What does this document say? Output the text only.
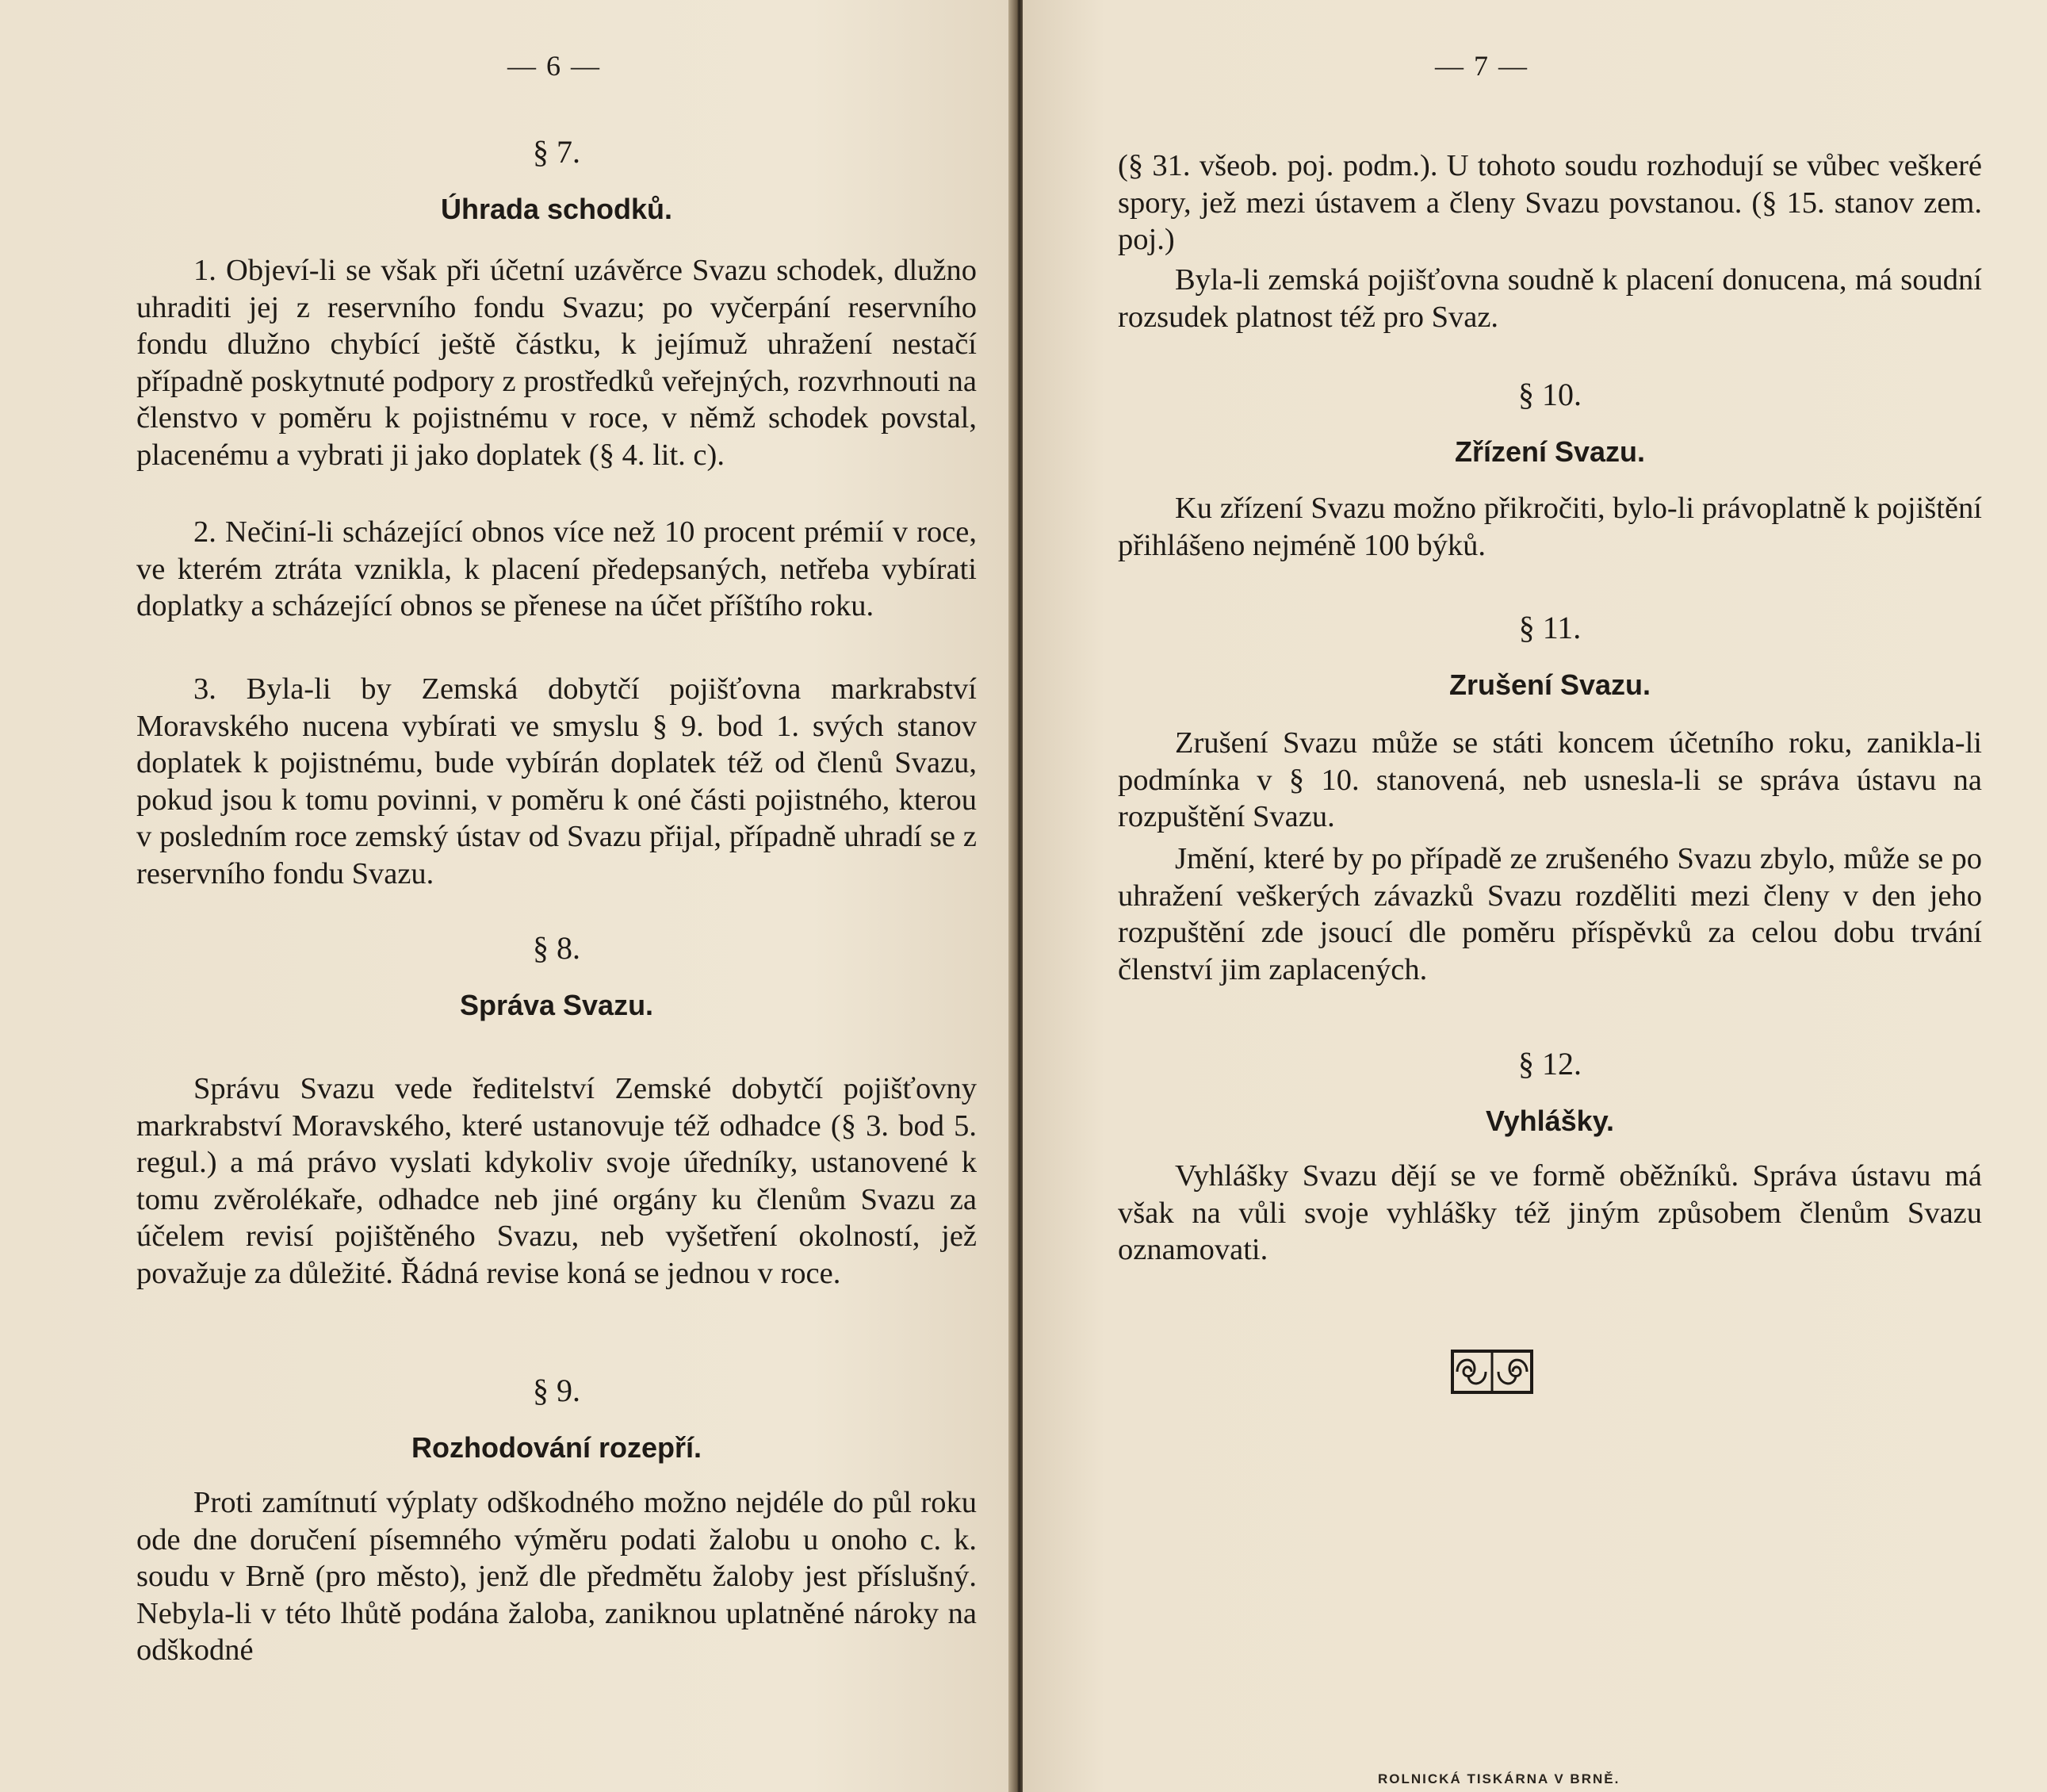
— 6 —
§ 7.
Úhrada schodků.

1. Objeví-li se však při účetní uzávěrce Svazu schodek, dlužno uhraditi jej z reservního fondu Svazu; po vyčerpání reservního fondu dlužno chybící ještě částku, k jejímuž uhražení nestačí případně poskytnuté podpory z prostředků veřejných, rozvrhnouti na členstvo v poměru k pojistnému v roce, v němž schodek povstal, placenému a vybrati ji jako doplatek (§ 4. lit. c).

2. Nečiní-li scházející obnos více než 10 procent prémií v roce, ve kterém ztráta vznikla, k placení předepsaných, netřeba vybírati doplatky a scházející obnos se přenese na účet příštího roku.

3. Byla-li by Zemská dobytčí pojišťovna markrabství Moravského nucena vybírati ve smyslu § 9. bod 1. svých stanov doplatek k pojistnému, bude vybírán doplatek též od členů Svazu, pokud jsou k tomu povinni, v poměru k oné části pojistného, kterou v posledním roce zemský ústav od Svazu přijal, případně uhradí se z reservního fondu Svazu.

§ 8.
Správa Svazu.

Správu Svazu vede ředitelství Zemské dobytčí pojišťovny markrabství Moravského, které ustanovuje též odhadce (§ 3. bod 5. regul.) a má právo vyslati kdykoliv svoje úředníky, ustanovené k tomu zvěrolékaře, odhadce neb jiné orgány ku členům Svazu za účelem revisí pojištěného Svazu, neb vyšetření okolností, jež považuje za důležité. Řádná revise koná se jednou v roce.

§ 9.
Rozhodování rozepří.

Proti zamítnutí výplaty odškodného možno nejdéle do půl roku ode dne doručení písemného výměru podati žalobu u onoho c. k. soudu v Brně (pro město), jenž dle předmětu žaloby jest příslušný. Nebyla-li v této lhůtě podána žaloba, zaniknou uplatněné nároky na odškodné

— 7 —

(§ 31. všeob. poj. podm.). U tohoto soudu rozhodují se vůbec veškeré spory, jež mezi ústavem a členy Svazu povstanou. (§ 15. stanov zem. poj.)

Byla-li zemská pojišťovna soudně k placení donucena, má soudní rozsudek platnost též pro Svaz.

§ 10.
Zřízení Svazu.

Ku zřízení Svazu možno přikročiti, bylo-li právoplatně k pojištění přihlášeno nejméně 100 býků.

§ 11.
Zrušení Svazu.

Zrušení Svazu může se státi koncem účetního roku, zanikla-li podmínka v § 10. stanovená, neb usnesla-li se správa ústavu na rozpuštění Svazu.

Jmění, které by po případě ze zrušeného Svazu zbylo, může se po uhražení veškerých závazků Svazu rozděliti mezi členy v den jeho rozpuštění zde jsoucí dle poměru příspěvků za celou dobu trvání členství jim zaplacených.

§ 12.
Vyhlášky.

Vyhlášky Svazu dějí se ve formě oběžníků. Správa ústavu má však na vůli svoje vyhlášky též jiným způsobem členům Svazu oznamovati.

ROLNICKÁ TISKÁRNA V BRNĚ.
